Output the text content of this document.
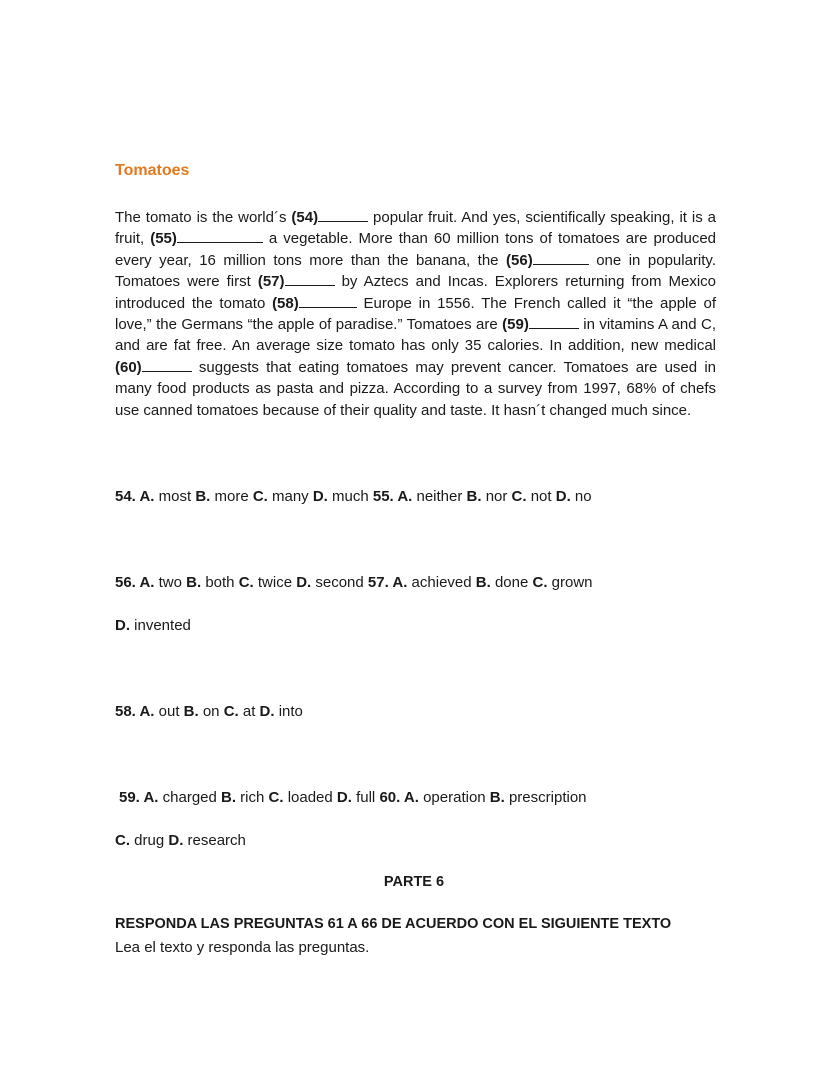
Tomatoes
The tomato is the world´s (54)	popular fruit. And yes, scientifically speaking, it is a fruit, (55)	a vegetable. More than 60 million tons of tomatoes are produced every year, 16 million tons more than the banana, the (56)	one in popularity. Tomatoes were first (57)	by Aztecs and Incas. Explorers returning from Mexico introduced the tomato (58)	Europe in 1556. The French called it “the apple of love,” the Germans “the apple of paradise.” Tomatoes are (59)	in vitamins A and C, and are fat free. An average size tomato has only 35 calories. In addition, new medical (60)	suggests that eating tomatoes may prevent cancer. Tomatoes are used in many food products as pasta and pizza. According to a survey from 1997, 68% of chefs use canned tomatoes because of their quality and taste. It hasn´t changed much since.
54. A. most B. more C. many D. much 55. A. neither B. nor C. not D. no
56. A. two B. both C. twice D. second 57. A. achieved B. done C. grown
D. invented
58. A. out B. on C. at D. into
59. A. charged B. rich C. loaded D. full 60. A. operation B. prescription
C. drug D. research
PARTE 6
RESPONDA LAS PREGUNTAS 61 A 66 DE ACUERDO CON EL SIGUIENTE TEXTO
Lea el texto y responda las preguntas.
